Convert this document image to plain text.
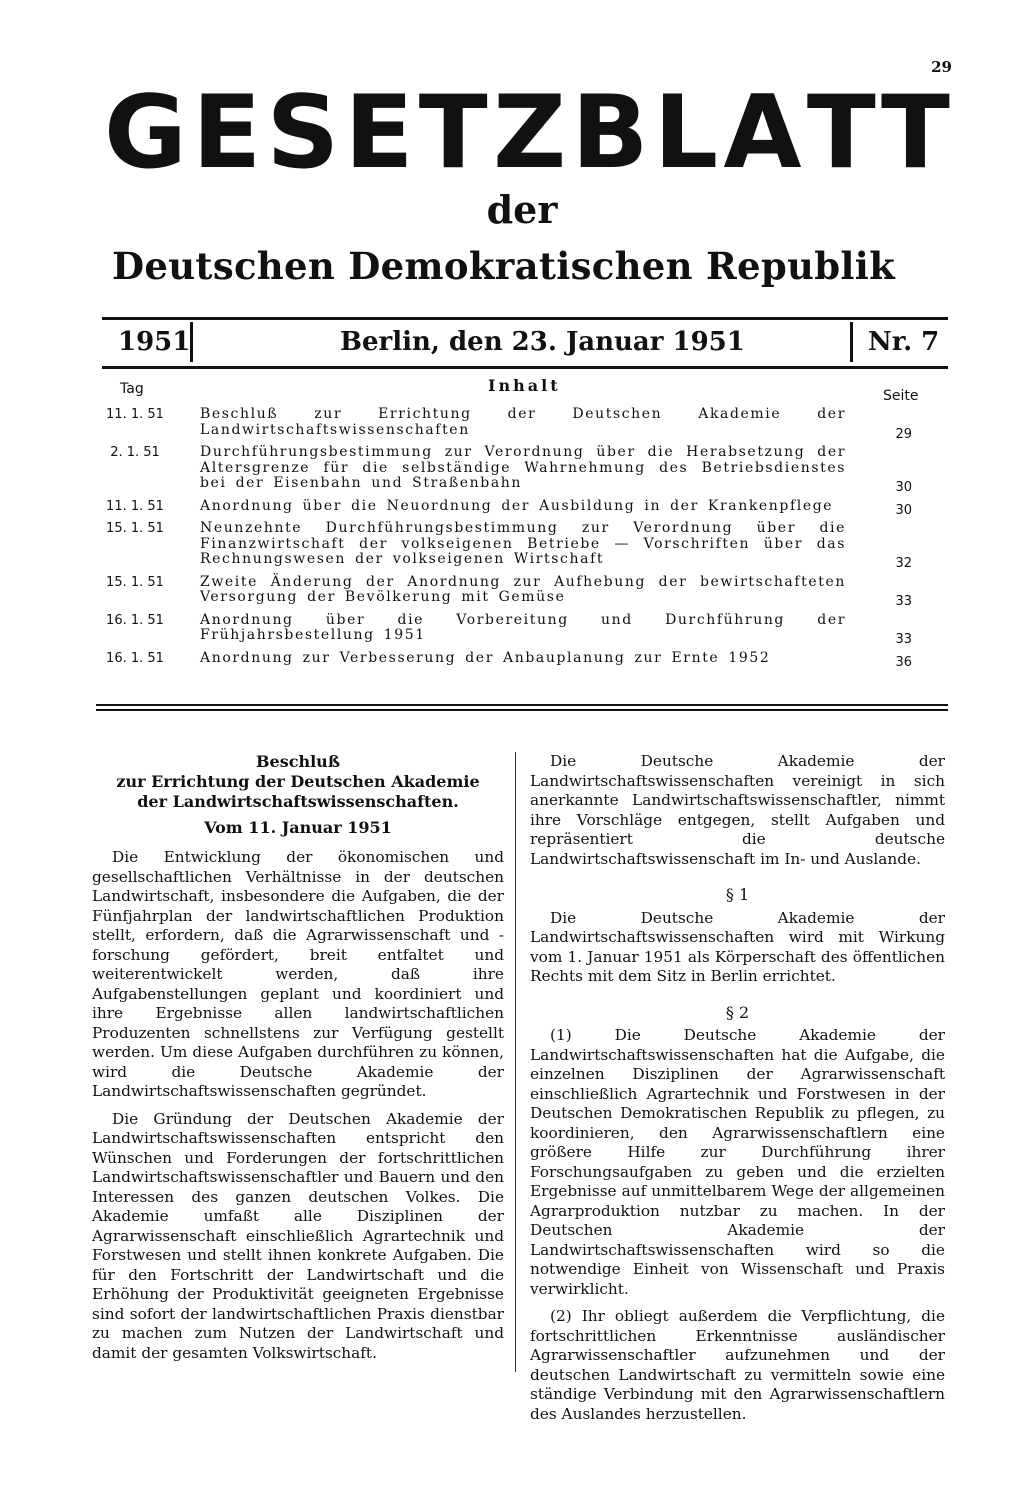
29
G E S E T Z B L A T T
der
Deutschen Demokratischen Republik
1951	Berlin, den 23. Januar 1951	Nr. 7
Tag	Inhalt
Seite
11. 1. 51	Beschluß zur Errichtung der Deutschen Akademie der Landwirtschaftswissenschaften	29
2. 1. 51	Durchführungsbestimmung zur Verordnung über die Herabsetzung der Altersgrenze für die selbständige Wahrnehmung des Betriebsdienstes bei der Eisenbahn und Straßenbahn	30
11. 1. 51	Anordnung über die Neuordnung der Ausbildung in der Krankenpflege	30
15. 1. 51	Neunzehnte Durchführungsbestimmung zur Verordnung über die Finanzwirtschaft der volkseigenen Betriebe — Vorschriften über das Rechnungswesen der volkseigenen Wirtschaft	32
15. 1. 51	Zweite Änderung der Anordnung zur Aufhebung der bewirtschafteten Versorgung der Bevölkerung mit Gemüse	33
16. 1. 51	Anordnung über die Vorbereitung und Durchführung der Frühjahrsbestellung 1951	33
16. 1. 51	Anordnung zur Verbesserung der Anbauplanung zur Ernte 1952	36
Beschluß
zur Errichtung der Deutschen Akademie
der Landwirtschaftswissenschaften.
Vom 11. Januar 1951

Die Entwicklung der ökonomischen und gesellschaftlichen Verhältnisse in der deutschen Landwirtschaft, insbesondere die Aufgaben, die der Fünfjahrplan der landwirtschaftlichen Produktion stellt, erfordern, daß die Agrarwissenschaft und -forschung gefördert, breit entfaltet und weiterentwickelt werden, daß ihre Aufgabenstellungen geplant und koordiniert und ihre Ergebnisse allen landwirtschaftlichen Produzenten schnellstens zur Verfügung gestellt werden. Um diese Aufgaben durchführen zu können, wird die Deutsche Akademie der Landwirtschaftswissenschaften gegründet.

Die Gründung der Deutschen Akademie der Landwirtschaftswissenschaften entspricht den Wünschen und Forderungen der fortschrittlichen Landwirtschaftswissenschaftler und Bauern und den Interessen des ganzen deutschen Volkes. Die Akademie umfaßt alle Disziplinen der Agrarwissenschaft einschließlich Agrartechnik und Forstwesen und stellt ihnen konkrete Aufgaben. Die für den Fortschritt der Landwirtschaft und die Erhöhung der Produktivität geeigneten Ergebnisse sind sofort der landwirtschaftlichen Praxis dienstbar zu machen zum Nutzen der Landwirtschaft und damit der gesamten Volkswirtschaft.

Die Deutsche Akademie der Landwirtschaftswissenschaften vereinigt in sich anerkannte Landwirtschaftswissenschaftler, nimmt ihre Vorschläge entgegen, stellt Aufgaben und repräsentiert die deutsche Landwirtschaftswissenschaft im In- und Auslande.

§ 1

Die Deutsche Akademie der Landwirtschaftswissenschaften wird mit Wirkung vom 1. Januar 1951 als Körperschaft des öffentlichen Rechts mit dem Sitz in Berlin errichtet.

§ 2

(1) Die Deutsche Akademie der Landwirtschaftswissenschaften hat die Aufgabe, die einzelnen Disziplinen der Agrarwissenschaft einschließlich Agrartechnik und Forstwesen in der Deutschen Demokratischen Republik zu pflegen, zu koordinieren, den Agrarwissenschaftlern eine größere Hilfe zur Durchführung ihrer Forschungsaufgaben zu geben und die erzielten Ergebnisse auf unmittelbarem Wege der allgemeinen Agrarproduktion nutzbar zu machen. In der Deutschen Akademie der Landwirtschaftswissenschaften wird so die notwendige Einheit von Wissenschaft und Praxis verwirklicht.

(2) Ihr obliegt außerdem die Verpflichtung, die fortschrittlichen Erkenntnisse ausländischer Agrarwissenschaftler aufzunehmen und der deutschen Landwirtschaft zu vermitteln sowie eine ständige Verbindung mit den Agrarwissenschaftlern des Auslandes herzustellen.
